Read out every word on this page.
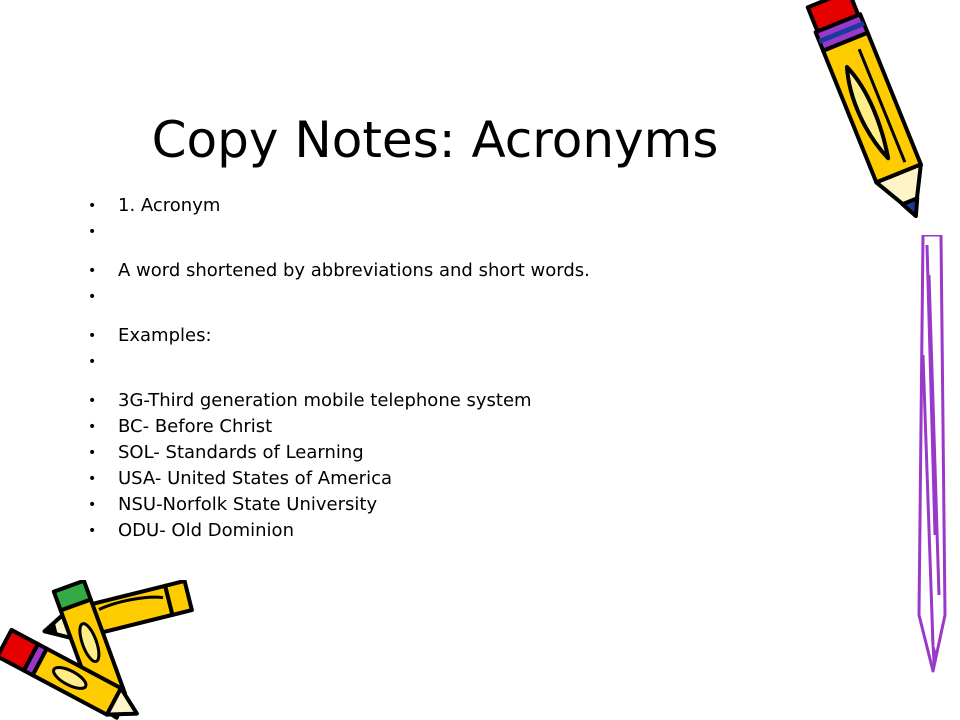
Copy Notes: Acronyms
• 1. Acronym
•
• A word shortened by abbreviations and short words.
•
• Examples:
•
• 3G-Third generation mobile telephone system
• BC- Before Christ
• SOL- Standards of Learning
• USA- United States of America
• NSU-Norfolk State University
• ODU- Old Dominion
